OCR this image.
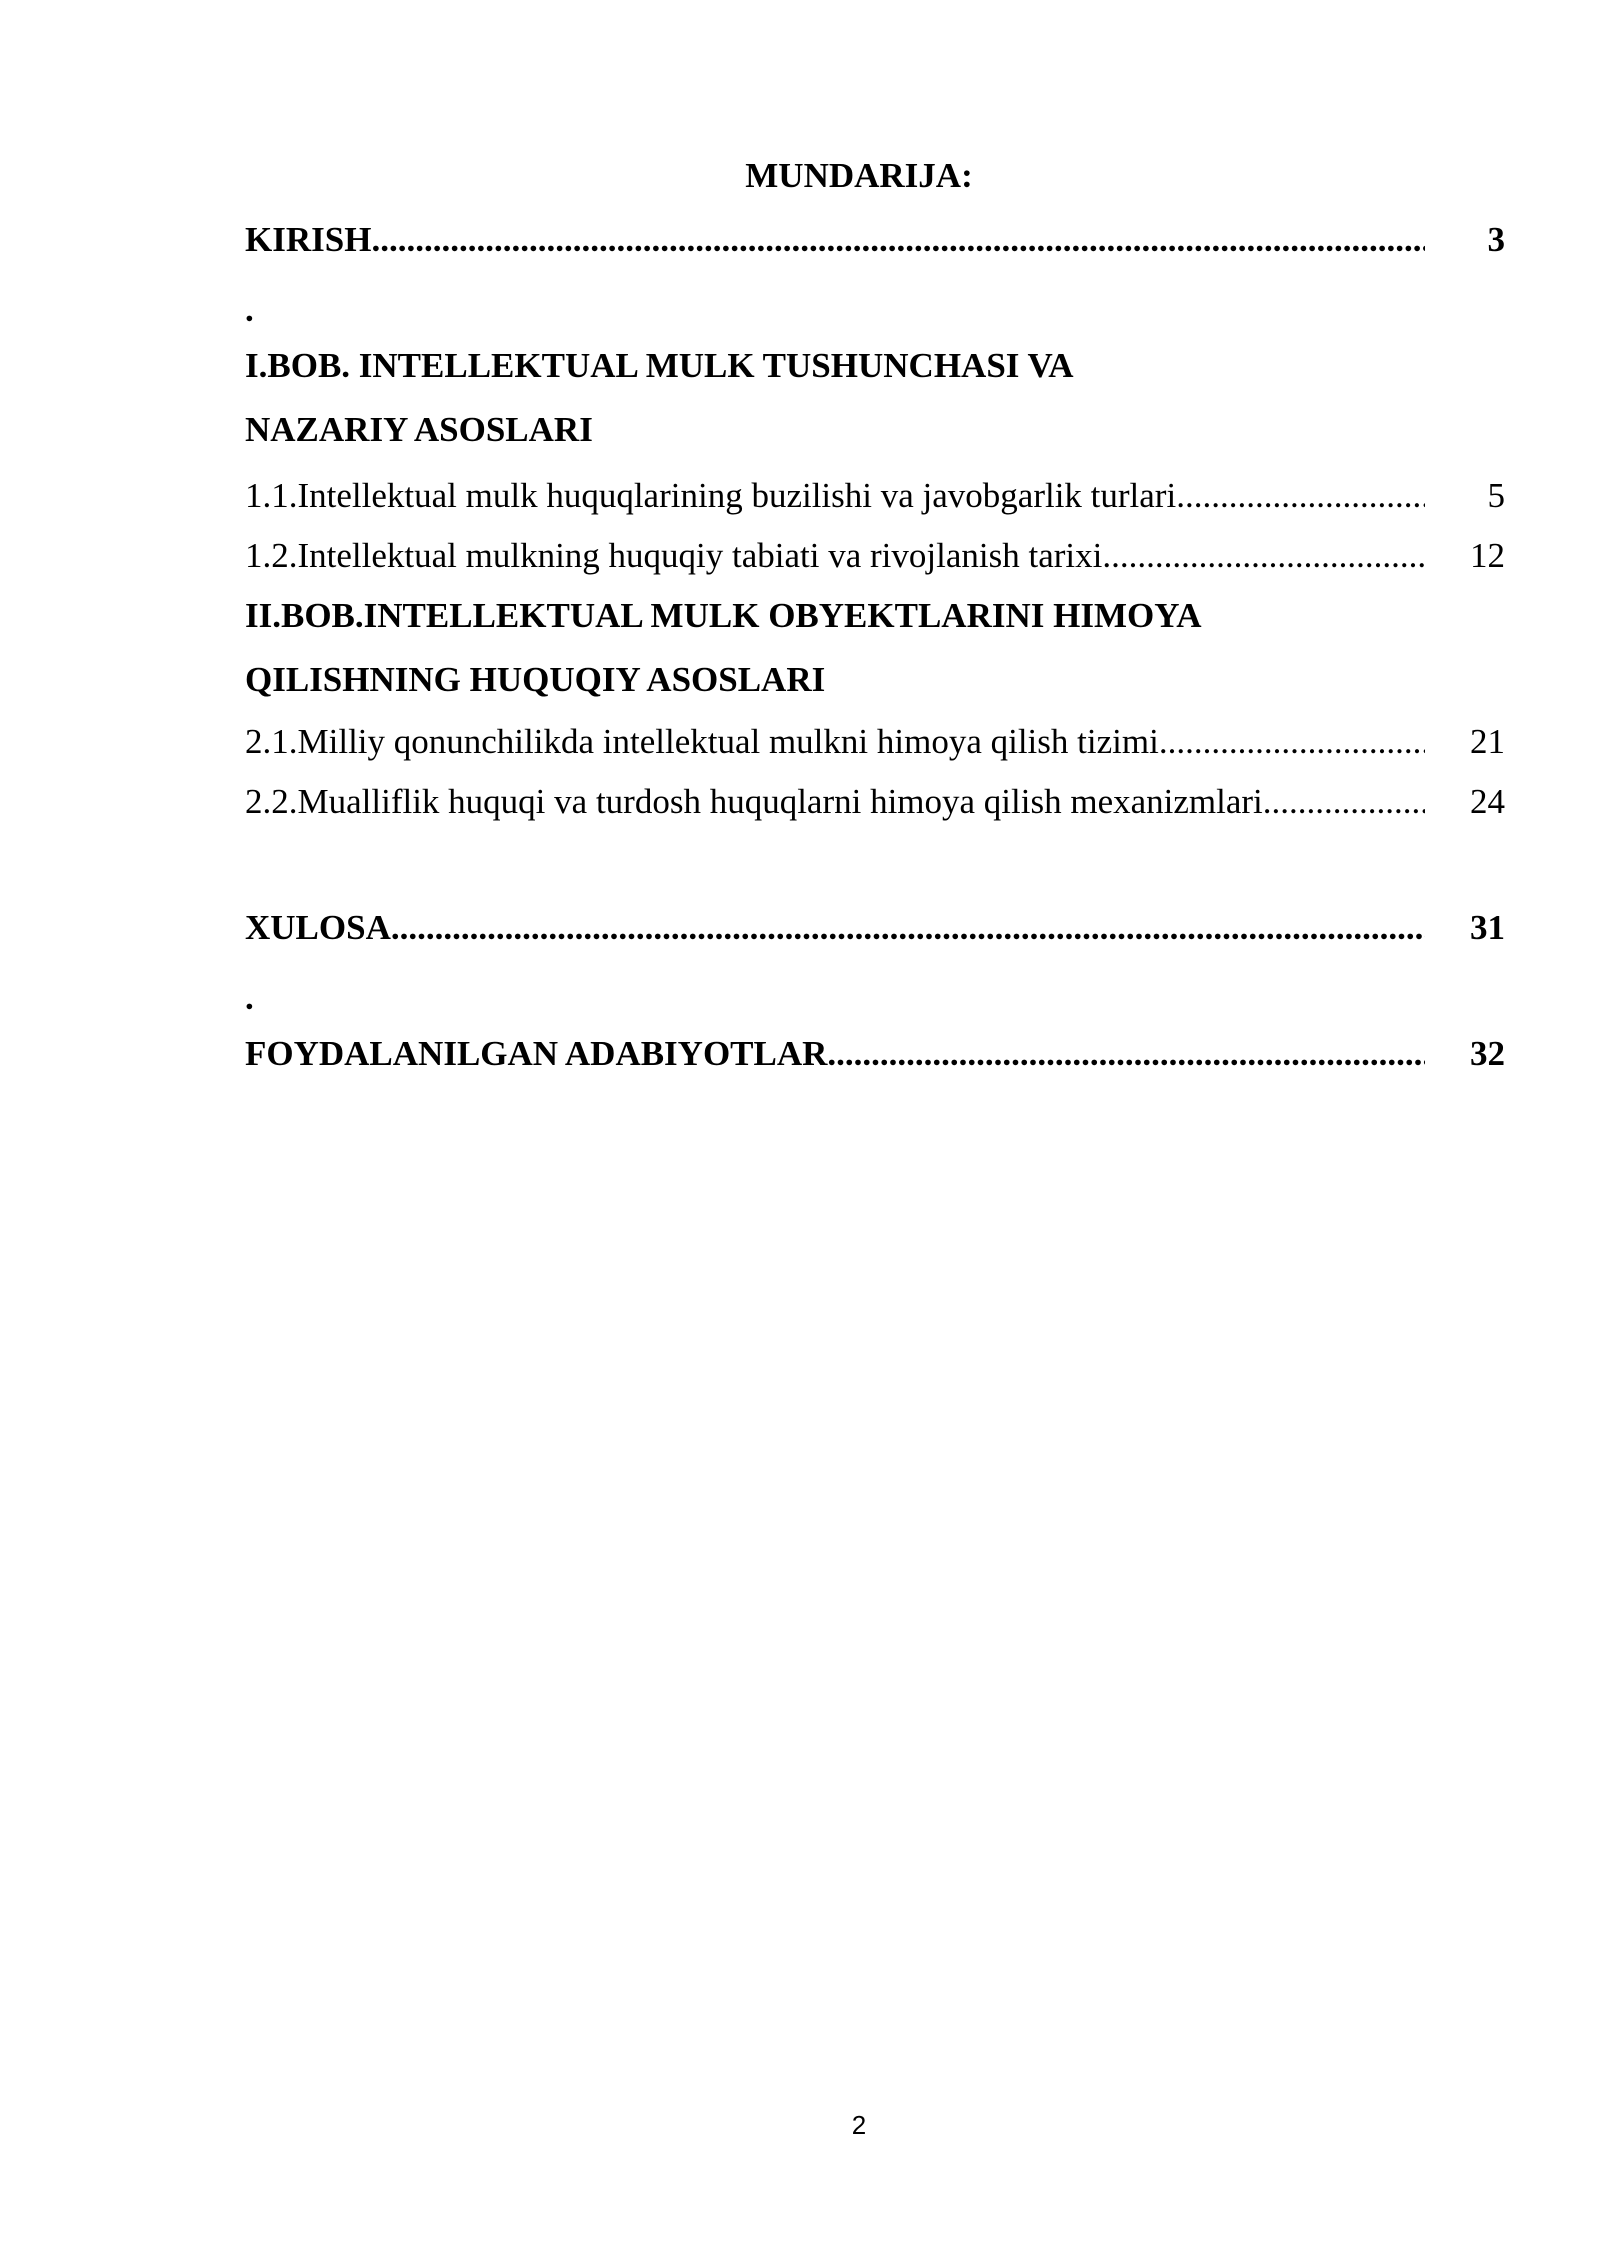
MUNDARIJA:
KIRISH .....	3
.
I.BOB. INTELLEKTUAL MULK TUSHUNCHASI VA
NAZARIY ASOSLARI
1.1.Intellektual mulk huquqlarining buzilishi va javobgarlik turlari .....	5
1.2.Intellektual mulkning huquqiy tabiati va rivojlanish tarixi .....	12
II.BOB.INTELLEKTUAL MULK OBYEKTLARINI HIMOYA
QILISHNING HUQUQIY ASOSLARI
2.1.Milliy qonunchilikda intellektual mulkni himoya qilish tizimi .....	21
2.2.Mualliflik huquqi va turdosh huquqlarni himoya qilish mexanizmlari .....	24
XULOSA .....	31
.
FOYDALANILGAN ADABIYOTLAR .....	32
2
